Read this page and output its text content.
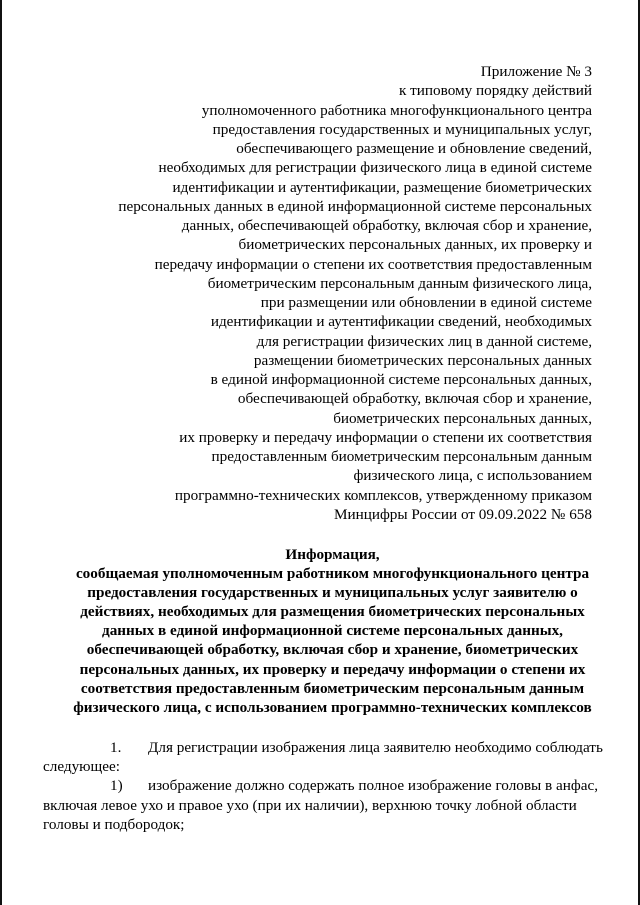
Приложение № 3
к типовому порядку действий
уполномоченного работника многофункционального центра
предоставления государственных и муниципальных услуг,
обеспечивающего размещение и обновление сведений,
необходимых для регистрации физического лица в единой системе
идентификации и аутентификации, размещение биометрических
персональных данных в единой информационной системе персональных
данных, обеспечивающей обработку, включая сбор и хранение,
биометрических персональных данных, их проверку и
передачу информации о степени их соответствия предоставленным
биометрическим персональным данным физического лица,
при размещении или обновлении в единой системе
идентификации и аутентификации сведений, необходимых
для регистрации физических лиц в данной системе,
размещении биометрических персональных данных
в единой информационной системе персональных данных,
обеспечивающей обработку, включая сбор и хранение,
биометрических персональных данных,
их проверку и передачу информации о степени их соответствия
предоставленным биометрическим персональным данным
физического лица, с использованием
программно-технических комплексов, утвержденному приказом
Минцифры России от 09.09.2022 № 658
Информация,
сообщаемая уполномоченным работником многофункционального центра
предоставления государственных и муниципальных услуг заявителю о
действиях, необходимых для размещения биометрических персональных
данных в единой информационной системе персональных данных,
обеспечивающей обработку, включая сбор и хранение, биометрических
персональных данных, их проверку и передачу информации о степени их
соответствия предоставленным биометрическим персональным данным
физического лица, с использованием программно-технических комплексов
1. Для регистрации изображения лица заявителю необходимо соблюдать
следующее:
1) изображение должно содержать полное изображение головы в анфас,
включая левое ухо и правое ухо (при их наличии), верхнюю точку лобной области
головы и подбородок;
